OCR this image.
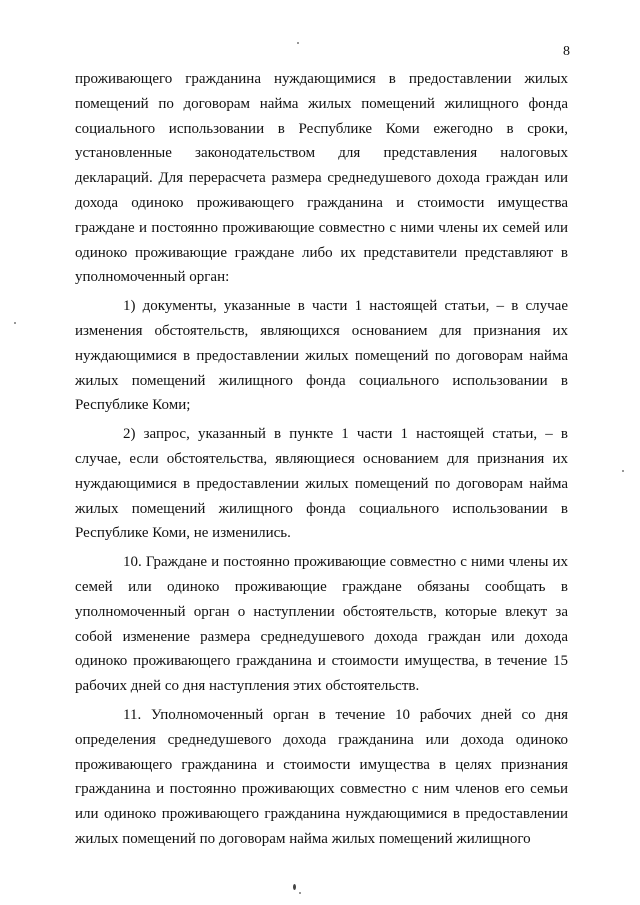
8

проживающего гражданина нуждающимися в предоставлении жилых помещений по договорам найма жилых помещений жилищного фонда социального использовании в Республике Коми ежегодно в сроки, установленные законодательством для представления налоговых деклараций. Для перерасчета размера среднедушевого дохода граждан или дохода одиноко проживающего гражданина и стоимости имущества граждане и постоянно проживающие совместно с ними члены их семей или одиноко проживающие граждане либо их представители представляют в уполномоченный орган:

1) документы, указанные в части 1 настоящей статьи, – в случае изменения обстоятельств, являющихся основанием для признания их нуждающимися в предоставлении жилых помещений по договорам найма жилых помещений жилищного фонда социального использовании в Республике Коми;

2) запрос, указанный в пункте 1 части 1 настоящей статьи, – в случае, если обстоятельства, являющиеся основанием для признания их нуждающимися в предоставлении жилых помещений по договорам найма жилых помещений жилищного фонда социального использовании в Республике Коми, не изменились.

10. Граждане и постоянно проживающие совместно с ними члены их семей или одиноко проживающие граждане обязаны сообщать в уполномоченный орган о наступлении обстоятельств, которые влекут за собой изменение размера среднедушевого дохода граждан или дохода одиноко проживающего гражданина и стоимости имущества, в течение 15 рабочих дней со дня наступления этих обстоятельств.

11. Уполномоченный орган в течение 10 рабочих дней со дня определения среднедушевого дохода гражданина или дохода одиноко проживающего гражданина и стоимости имущества в целях признания гражданина и постоянно проживающих совместно с ним членов его семьи или одиноко проживающего гражданина нуждающимися в предоставлении жилых помещений по договорам найма жилых помещений жилищного
